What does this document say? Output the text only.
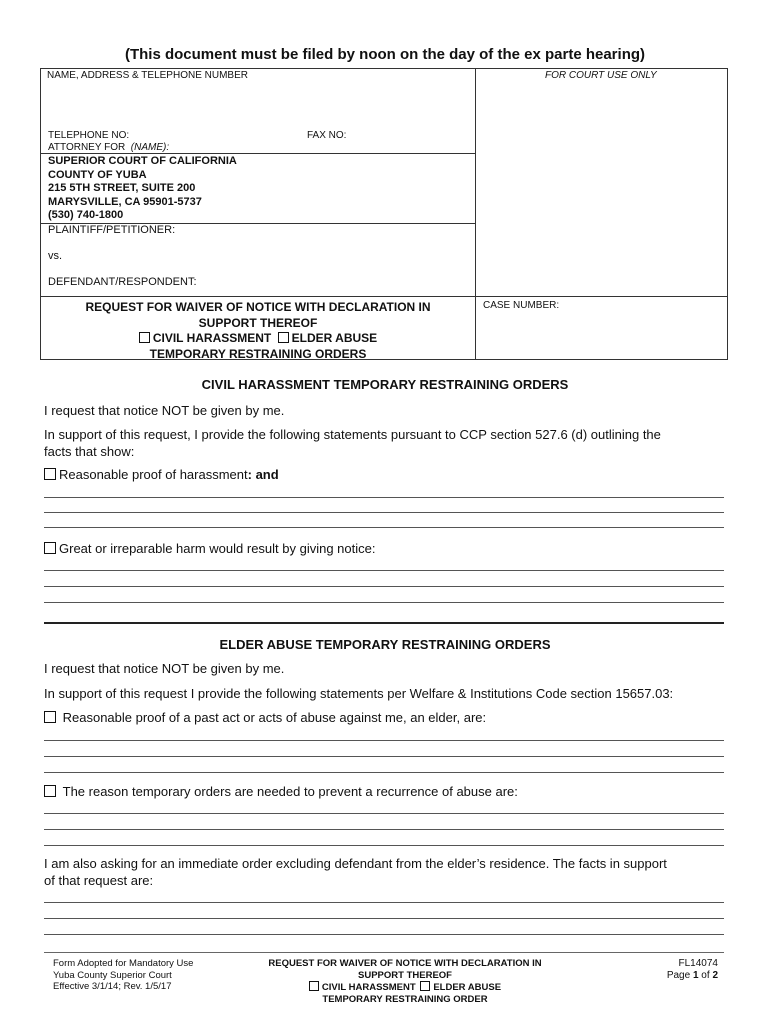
(This document must be filed by noon on the day of the ex parte hearing)
NAME, ADDRESS & TELEPHONE NUMBER	FOR COURT USE ONLY
TELEPHONE NO:	FAX NO:
ATTORNEY FOR (NAME):
SUPERIOR COURT OF CALIFORNIA
COUNTY OF YUBA
215 5TH STREET, SUITE 200
MARYSVILLE, CA 95901-5737
(530) 740-1800
PLAINTIFF/PETITIONER:
vs.
DEFENDANT/RESPONDENT:
REQUEST FOR WAIVER OF NOTICE WITH DECLARATION IN
SUPPORT THEREOF
CIVIL HARASSMENT ELDER ABUSE
TEMPORARY RESTRAINING ORDERS
CASE NUMBER:
CIVIL HARASSMENT TEMPORARY RESTRAINING ORDERS
I request that notice NOT be given by me.
In support of this request, I provide the following statements pursuant to CCP section 527.6 (d) outlining the
facts that show:
Reasonable proof of harassment: and
Great or irreparable harm would result by giving notice:
ELDER ABUSE TEMPORARY RESTRAINING ORDERS
I request that notice NOT be given by me.
In support of this request I provide the following statements per Welfare & Institutions Code section 15657.03:
Reasonable proof of a past act or acts of abuse against me, an elder, are:
The reason temporary orders are needed to prevent a recurrence of abuse are:
I am also asking for an immediate order excluding defendant from the elder’s residence. The facts in support
of that request are:
Form Adopted for Mandatory Use
Yuba County Superior Court
Effective 3/1/14; Rev. 1/5/17
REQUEST FOR WAIVER OF NOTICE WITH DECLARATION IN
SUPPORT THEREOF
CIVIL HARASSMENT ELDER ABUSE
TEMPORARY RESTRAINING ORDER
FL14074
Page 1 of 2
